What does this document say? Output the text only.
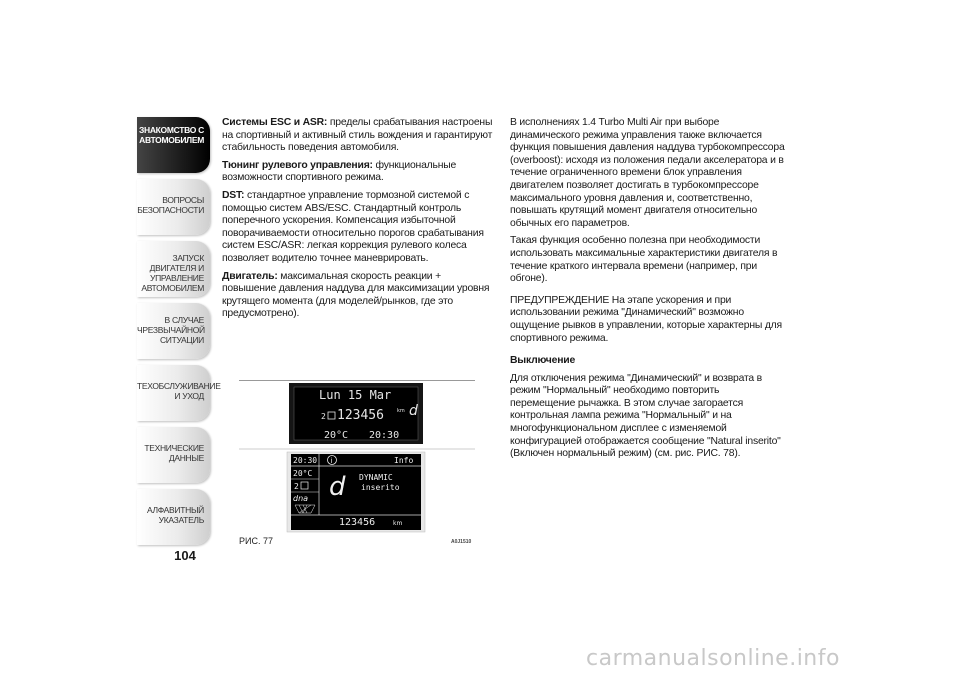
ЗНАКОМСТВО С
АВТОМОБИЛЕМ
ВОПРОСЫ
БЕЗОПАСНОСТИ
ЗАПУСК ДВИГАТЕЛЯ И
УПРАВЛЕНИЕ
АВТОМОБИЛЕМ
В СЛУЧАЕ
ЧРЕЗВЫЧАЙНОЙ
СИТУАЦИИ
ТЕХОБСЛУЖИВАНИЕ
И УХОД
ТЕХНИЧЕСКИЕ
ДАННЫЕ
АЛФАВИТНЫЙ
УКАЗАТЕЛЬ
104

Системы ESC и ASR: пределы срабатывания настроены на спортивный и активный стиль вождения и гарантируют стабильность поведения автомобиля.

Тюнинг рулевого управления: функциональные возможности спортивного режима.

DST: стандартное управление тормозной системой с помощью систем ABS/ESC. Стандартный контроль поперечного ускорения. Компенсация избыточной поворачиваемости относительно порогов срабатывания систем ESC/ASR: легкая коррекция рулевого колеса позволяет водителю точнее маневрировать.

Двигатель: максимальная скорость реакции + повышение давления наддува для максимизации уровня крутящего момента (для моделей/рынков, где это предусмотрено).

В исполнениях 1.4 Turbo Multi Air при выборе динамического режима управления также включается функция повышения давления наддува турбокомпрессора (overboost): исходя из положения педали акселератора и в течение ограниченного времени блок управления двигателем позволяет достигать в турбокомпрессоре максимального уровня давления и, соответственно, повышать крутящий момент двигателя относительно обычных его параметров.

Такая функция особенно полезна при необходимости использовать максимальные характеристики двигателя в течение краткого интервала времени (например, при обгоне).

ПРЕДУПРЕЖДЕНИЕ На этапе ускорения и при использовании режима "Динамический" возможно ощущение рывков в управлении, которые характерны для спортивного режима.

Выключение

Для отключения режима "Динамический" и возврата в режим "Нормальный" необходимо повторить перемещение рычажка. В этом случае загорается контрольная лампа режима "Нормальный" и на многофункциональном дисплее с изменяемой конфигурацией отображается сообщение "Natural inserito" (Включен нормальный режим) (см. рис. РИС. 78).

Lun 15 Mar
2 123456	km d
20°C 20:30
20:30 i	Info
20°C
2
dna d DYNAMIC
inserito
123456	km
РИС. 77	A0J1510
carmanualsonline.info
